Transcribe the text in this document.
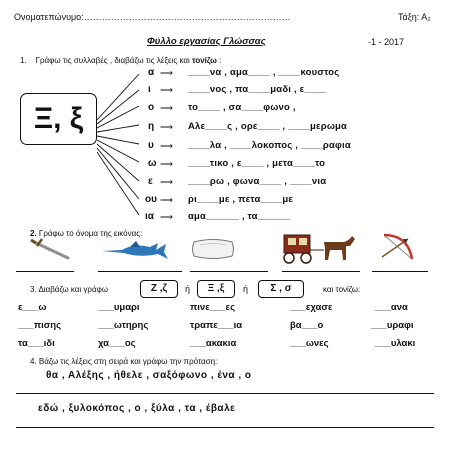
Ονοματεπώνυμο:……………………………………………………………	Τάξη: Α₂
Φύλλο εργασίας Γλώσσας	-1 - 2017
1. Γράφω τις συλλαβές , διαβάζω τις λέξεις και τονίζω :
Ξ, ξ
α ⟶ ____να , αμα____ , ____κουστος
ι ⟶ ____νος , πα____μαδι , ε____
ο ⟶ το____ , σα____φωνο ,
η ⟶ Αλε____ς , ορε____ , ____μερωμα
υ ⟶ ____λα , ____λοκοπος , ____ραφια
ω ⟶ ____τικο , ε____ , μετα____το
ε ⟶ ____ρω , φωνα____ , ____νια
ου ⟶ ρι____με , πετα____με
ια ⟶ αμα______ , τα______
2. Γράφω το όνομα της εικόνας:
3. Διαβάζω και γράφω	Ζ ,ζ	ή	Ξ ,ξ	ή	Σ , σ	και τονίζω:
ε___ω	___υμαρι	πινε___ες	___εχασε	___ανα
___πισης	___ωτηρης	τραπε___ια	βα___ο	___υραφι
τα___ιδι	χα___ος	___ακακια	___ωνες	___υλακι
4. Βάζω τις λέξεις στη σειρά και γράφω την πρόταση:
θα , Αλέξης , ήθελε , σαξόφωνο , ένα , ο
εδώ , ξυλοκόπος , ο , ξύλα , τα , έβαλε
